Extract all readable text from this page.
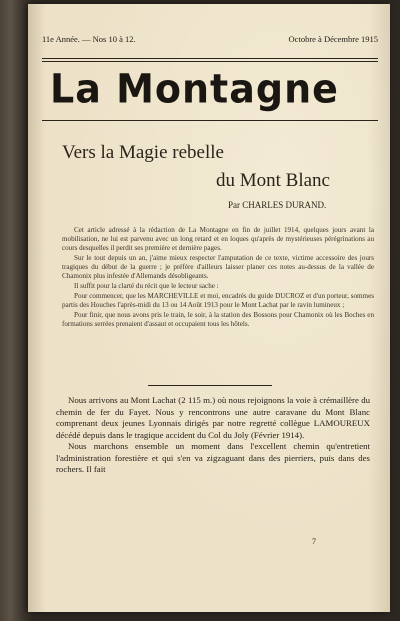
11e Année. — Nos 10 à 12.	Octobre à Décembre 1915
La Montagne
Vers la Magie rebelle
du Mont Blanc
Par CHARLES DURAND.

Cet article adressé à la rédaction de La Montagne en fin de juillet 1914, quelques jours avant la mobilisation, ne lui est parvenu avec un long retard et en loques qu'après de mystérieuses pérégrinations au cours desquelles il perdit ses première et dernière pages.

Sur le tout depuis un an, j'aime mieux respecter l'amputation de ce texte, victime accessoire des jours tragiques du début de la guerre ; je préfère d'ailleurs laisser planer ces notes au-dessus de la vallée de Chamonix plus infestée d'Allemands désobligeants.

Il suffit pour la clarté du récit que le lecteur sache :

Pour commencer, que les MARCHEVILLE et moi, encadrés du guide DUCROZ et d'un porteur, sommes partis des Houches l'après-midi du 13 ou 14 Août 1913 pour le Mont Lachat par le ravin lumineux ;

Pour finir, que nous avons pris le train, le soir, à la station des Bossons pour Chamonix où les Boches en formations serrées prenaient d'assaut et occupaient tous les hôtels.

Nous arrivons au Mont Lachat (2 115 m.) où nous rejoignons la voie à crémaillère du chemin de fer du Fayet. Nous y rencontrons une autre caravane du Mont Blanc comprenant deux jeunes Lyonnais dirigés par notre regretté collègue LAMOUREUX décédé depuis dans le tragique accident du Col du Joly (Février 1914).

Nous marchons ensemble un moment dans l'excellent chemin qu'entretient l'administration forestière et qui s'en va zigzaguant dans des pierriers, puis dans des rochers. Il fait

7
